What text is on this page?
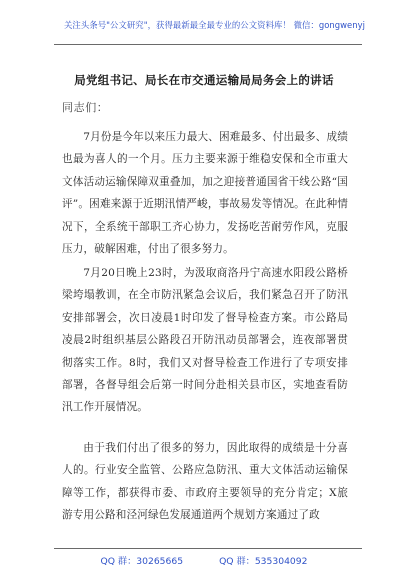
关注头条号"公文研究"，获得最新最全最专业的公文资料库！ 微信：gongwenyj
局党组书记、局长在市交通运输局局务会上的讲话
同志们：

7月份是今年以来压力最大、困难最多、付出最多、成绩也最为喜人的一个月。压力主要来源于维稳安保和全市重大文体活动运输保障双重叠加，加之迎接普通国省干线公路“国评”。困难来源于近期汛情严峻，事故易发等情况。在此种情况下，全系统干部职工齐心协力，发扬吃苦耐劳作风，克服压力，破解困难，付出了很多努力。

7月20日晚上23时，为汲取商洛丹宁高速水阳段公路桥梁垮塌教训，在全市防汛紧急会议后，我们紧急召开了防汛安排部署会，次日凌晨1时印发了督导检查方案。市公路局凌晨2时组织基层公路段召开防汛动员部署会，连夜部署贯彻落实工作。8时，我们又对督导检查工作进行了专项安排部署，各督导组会后第一时间分赴相关县市区，实地查看防汛工作开展情况。

由于我们付出了很多的努力，因此取得的成绩是十分喜人的。行业安全监管、公路应急防汛、重大文体活动运输保障等工作，都获得市委、市政府主要领导的充分肯定；X旅游专用公路和泾河绿色发展通道两个规划方案通过了政

QQ 群：30265665	QQ 群：535304092
